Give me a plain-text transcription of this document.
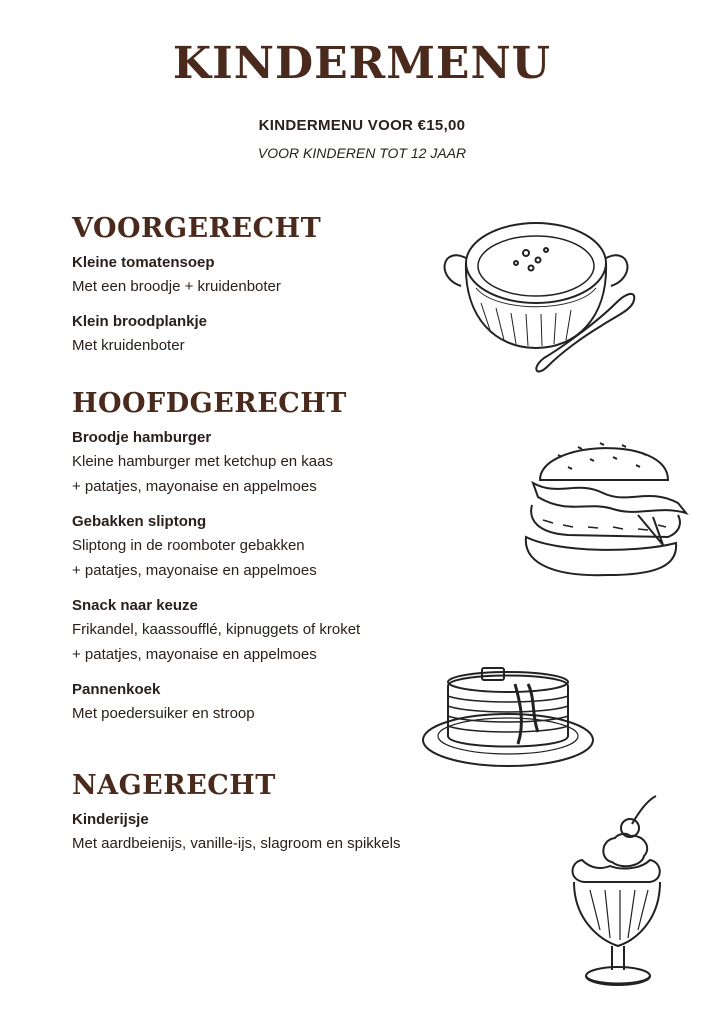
KINDERMENU
KINDERMENU VOOR €15,00
VOOR KINDEREN TOT 12 JAAR
VOORGERECHT
Kleine tomatensoep
Met een broodje + kruidenboter
Klein broodplankje
Met kruidenboter
HOOFDGERECHT
Broodje hamburger
Kleine hamburger met ketchup en kaas
+ patatjes, mayonaise en appelmoes
Gebakken sliptong
Sliptong in de roomboter gebakken
+ patatjes, mayonaise en appelmoes
Snack naar keuze
Frikandel, kaassoufflé, kipnuggets of kroket
+ patatjes, mayonaise en appelmoes
Pannenkoek
Met poedersuiker en stroop
NAGERECHT
Kinderijsje
Met aardbeienijs, vanille-ijs, slagroom en spikkels
